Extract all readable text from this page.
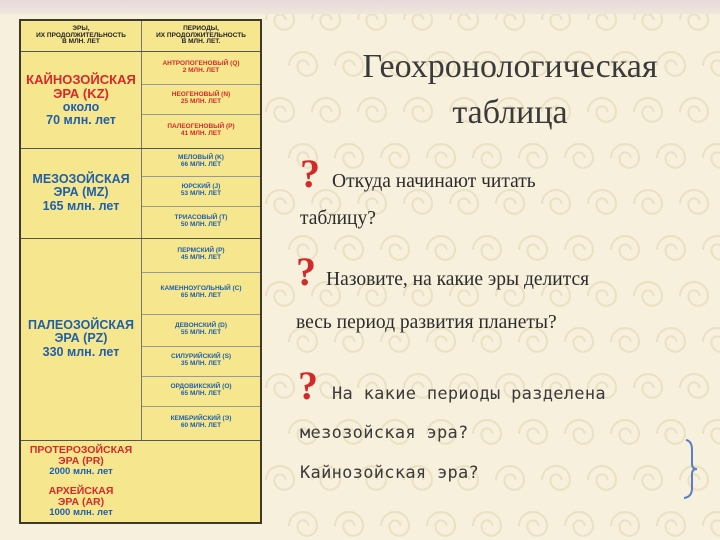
ЭРЫ,
ИХ ПРОДОЛЖИТЕЛЬНОСТЬ
В МЛН. ЛЕТ
ПЕРИОДЫ,
ИХ ПРОДОЛЖИТЕЛЬНОСТЬ
В МЛН. ЛЕТ.
КАЙНОЗОЙСКАЯ
ЭРА (KZ)
около
70 млн. лет
МЕЗОЗОЙСКАЯ
ЭРА (MZ)
165 млн. лет
ПАЛЕОЗОЙСКАЯ
ЭРА (PZ)
330 млн. лет
ПРОТЕРОЗОЙСКАЯ
ЭРА (PR)
2000 млн. лет
АРХЕЙСКАЯ
ЭРА (AR)
1000 млн. лет
АНТРОПОГЕНОВЫЙ (Q)
2 МЛН. ЛЕТ
НЕОГЕНОВЫЙ (N)
25 МЛН. ЛЕТ
ПАЛЕОГЕНОВЫЙ (P)
41 МЛН. ЛЕТ
МЕЛОВЫЙ (K)
66 МЛН. ЛЕТ
ЮРСКИЙ (J)
53 МЛН. ЛЕТ
ТРИАСОВЫЙ (T)
50 МЛН. ЛЕТ
ПЕРМСКИЙ (P)
45 МЛН. ЛЕТ
КАМЕННОУГОЛЬНЫЙ (C)
65 МЛН. ЛЕТ
ДЕВОНСКИЙ (D)
55 МЛН. ЛЕТ
СИЛУРИЙСКИЙ (S)
35 МЛН. ЛЕТ
ОРДОВИКСКИЙ (O)
65 МЛН. ЛЕТ
КЕМБРИЙСКИЙ (Э)
60 МЛН. ЛЕТ
Геохронологическая
таблица
? Откуда начинают читать
таблицу?
? Назовите, на какие эры делится
весь период развития планеты?
? На какие периоды разделена
мезозойская эра?
Кайнозойская эра?
